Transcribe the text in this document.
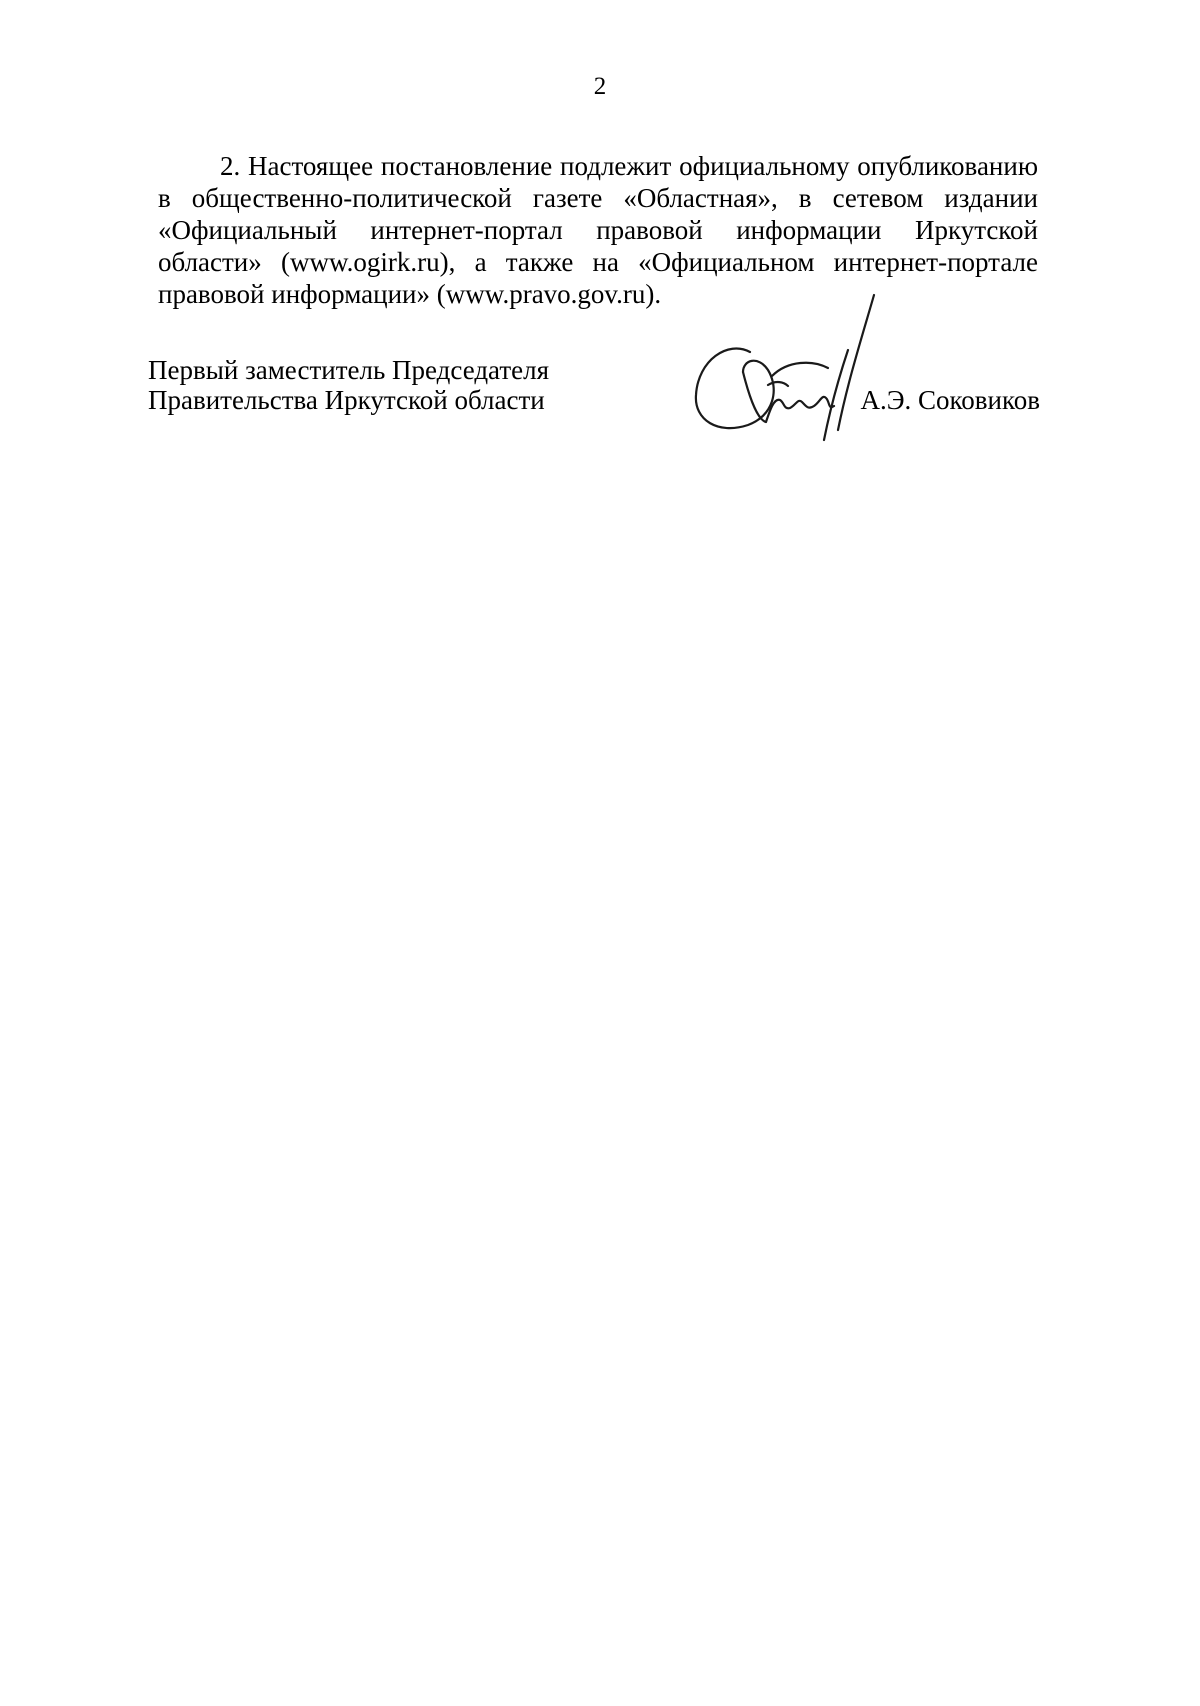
2

2. Настоящее постановление подлежит официальному опубликованию в общественно-политической газете «Областная», в сетевом издании «Официальный интернет-портал правовой информации Иркутской области» (www.ogirk.ru), а также на «Официальном интернет-портале правовой информации» (www.pravo.gov.ru).

Первый заместитель Председателя
Правительства Иркутской области	А.Э. Соковиков
